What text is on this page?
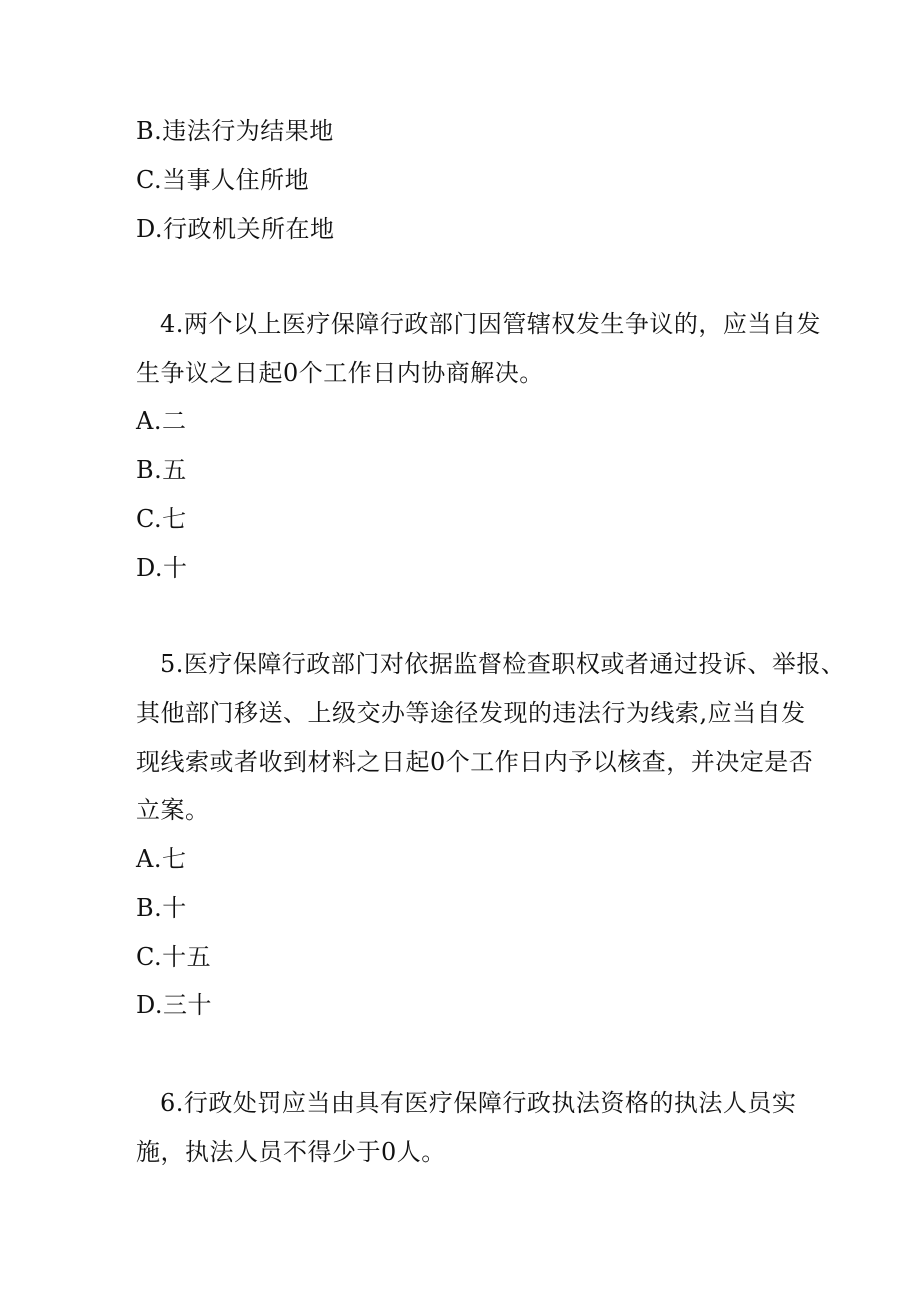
B.违法行为结果地
C.当事人住所地
D.行政机关所在地
4.两个以上医疗保障行政部门因管辖权发生争议的，应当自发
生争议之日起0个工作日内协商解决。
A.二
B.五
C.七
D.十
5.医疗保障行政部门对依据监督检查职权或者通过投诉、举报、
其他部门移送、上级交办等途径发现的违法行为线索,应当自发
现线索或者收到材料之日起0个工作日内予以核查，并决定是否
立案。
A.七
B.十
C.十五
D.三十
6.行政处罚应当由具有医疗保障行政执法资格的执法人员实
施，执法人员不得少于0人。
